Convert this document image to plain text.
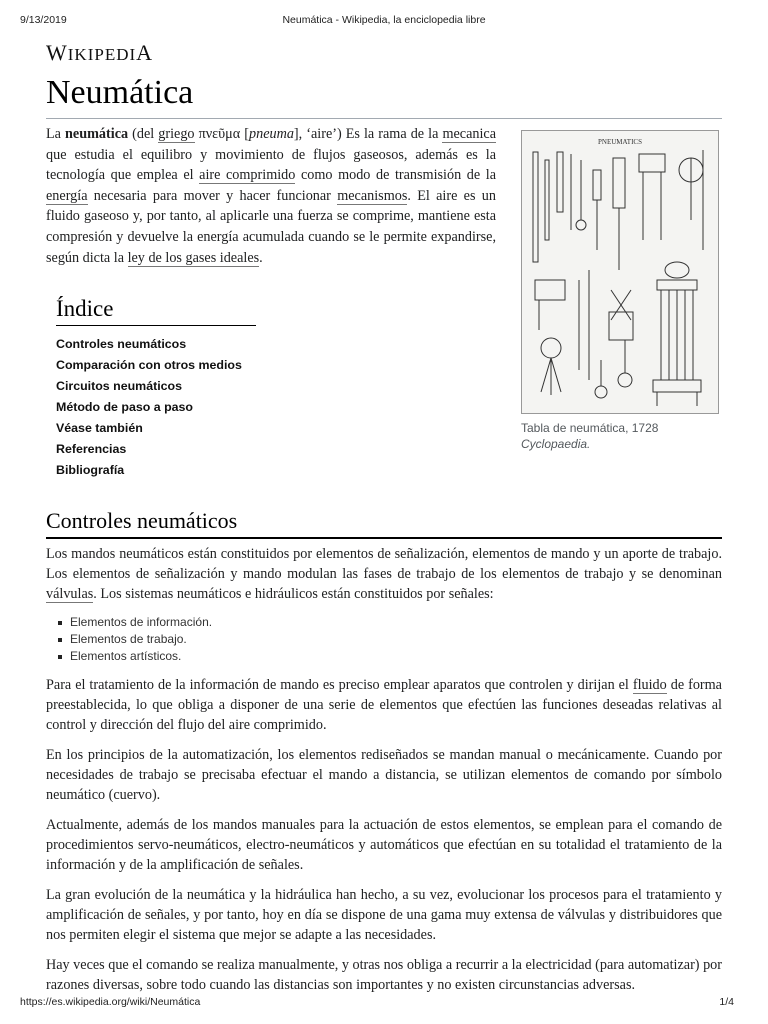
9/13/2019	Neumática - Wikipedia, la enciclopedia libre
WIKIPEDIA
Neumática

La neumática (del griego πνεῦμα [pneuma], ‘aire’) Es la rama de la mecanica que estudia el equilibro y movimiento de flujos gaseosos, además es la tecnología que emplea el aire comprimido como modo de transmisión de la energía necesaria para mover y hacer funcionar mecanismos. El aire es un fluido gaseoso y, por tanto, al aplicarle una fuerza se comprime, mantiene esta compresión y devuelve la energía acumulada cuando se le permite expandirse, según dicta la ley de los gases ideales.

PNEUMATICS
Tabla de neumática, 1728
Cyclopaedia.
Índice
Controles neumáticos
Comparación con otros medios
Circuitos neumáticos
Método de paso a paso
Véase también
Referencias
Bibliografía
Controles neumáticos

Los mandos neumáticos están constituidos por elementos de señalización, elementos de mando y un aporte de trabajo. Los elementos de señalización y mando modulan las fases de trabajo de los elementos de trabajo y se denominan válvulas. Los sistemas neumáticos e hidráulicos están constituidos por señales:

Elementos de información.
Elementos de trabajo.
Elementos artísticos.

Para el tratamiento de la información de mando es preciso emplear aparatos que controlen y dirijan el fluido de forma preestablecida, lo que obliga a disponer de una serie de elementos que efectúen las funciones deseadas relativas al control y dirección del flujo del aire comprimido.

En los principios de la automatización, los elementos rediseñados se mandan manual o mecánicamente. Cuando por necesidades de trabajo se precisaba efectuar el mando a distancia, se utilizan elementos de comando por símbolo neumático (cuervo).

Actualmente, además de los mandos manuales para la actuación de estos elementos, se emplean para el comando de procedimientos servo-neumáticos, electro-neumáticos y automáticos que efectúan en su totalidad el tratamiento de la información y de la amplificación de señales.

La gran evolución de la neumática y la hidráulica han hecho, a su vez, evolucionar los procesos para el tratamiento y amplificación de señales, y por tanto, hoy en día se dispone de una gama muy extensa de válvulas y distribuidores que nos permiten elegir el sistema que mejor se adapte a las necesidades.

Hay veces que el comando se realiza manualmente, y otras nos obliga a recurrir a la electricidad (para automatizar) por razones diversas, sobre todo cuando las distancias son importantes y no existen circunstancias adversas.

https://es.wikipedia.org/wiki/Neumática	1/4
